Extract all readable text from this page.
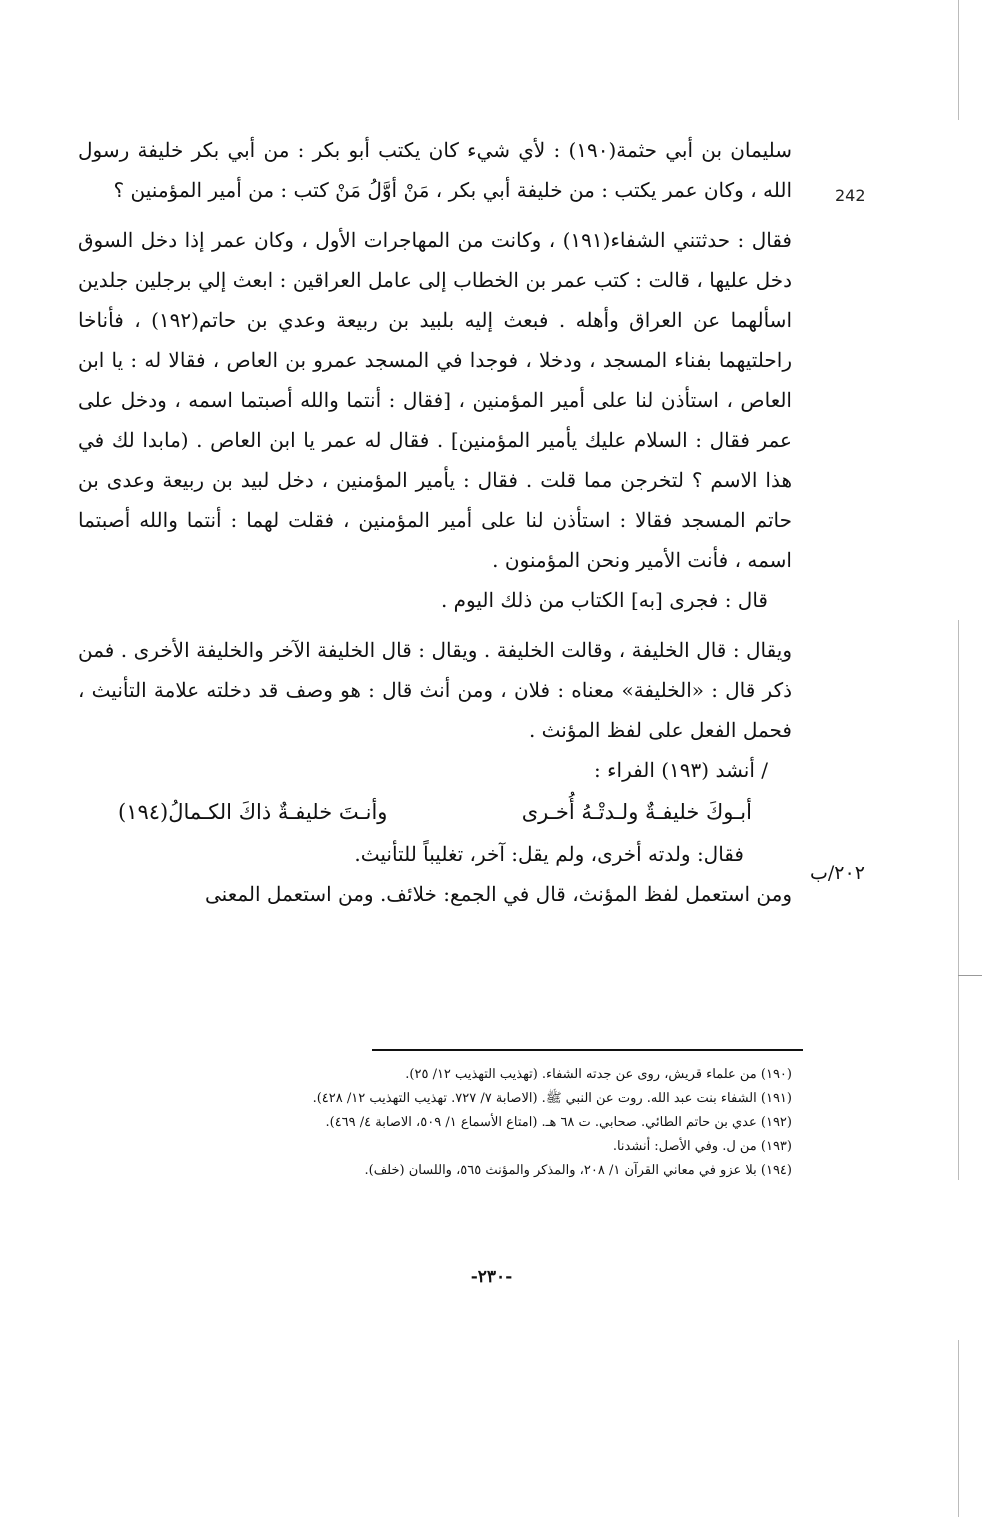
242

سليمان بن أبي حثمة(١٩٠) : لأي شيء كان يكتب أبو بكر : من أبي بكر خليفة رسول الله ، وكان عمر يكتب : من خليفة أبي بكر ، مَنْ أوَّلُ مَنْ كتب : من أمير المؤمنين ؟

فقال : حدثتني الشفاء(١٩١) ، وكانت من المهاجرات الأول ، وكان عمر إذا دخل السوق دخل عليها ، قالت : كتب عمر بن الخطاب إلى عامل العراقين : ابعث إلي برجلين جلدين اسألهما عن العراق وأهله . فبعث إليه بلبيد بن ربيعة وعدي بن حاتم(١٩٢) ، فأناخا راحلتيهما بفناء المسجد ، ودخلا ، فوجدا في المسجد عمرو بن العاص ، فقالا له : يا ابن العاص ، استأذن لنا على أمير المؤمنين ، [فقال : أنتما والله أصبتما اسمه ، ودخل على عمر فقال : السلام عليك يأمير المؤمنين] . فقال له عمر يا ابن العاص . (مابدا لك في هذا الاسم ؟ لتخرجن مما قلت . فقال : يأمير المؤمنين ، دخل لبيد بن ربيعة وعدى بن حاتم المسجد فقالا : استأذن لنا على أمير المؤمنين ، فقلت لهما : أنتما والله أصبتما اسمه ، فأنت الأمير ونحن المؤمنون .

قال : فجرى [به] الكتاب من ذلك اليوم .

ويقال : قال الخليفة ، وقالت الخليفة . ويقال : قال الخليفة الآخر والخليفة الأخرى . فمن ذكر قال : «الخليفة» معناه : فلان ، ومن أنث قال : هو وصف قد دخلته علامة التأنيث ، فحمل الفعل على لفظ المؤنث .

/ أنشد (١٩٣) الفراء :

أبـوكَ خليفـةٌ ولـدتْـهُ أُخـرى
وأنـتَ خليفـةٌ ذاكَ الكـمالُ(١٩٤)

فقال: ولدته أخرى، ولم يقل: آخر، تغليباً للتأنيث.

ومن استعمل لفظ المؤنث، قال في الجمع: خلائف. ومن استعمل المعنى

٢٠٢/ب

(١٩٠) من علماء قريش، روى عن جدته الشفاء. (تهذيب التهذيب ١٢/ ٢٥).

(١٩١) الشفاء بنت عبد الله. روت عن النبي ﷺ. (الاصابة ٧/ ٧٢٧. تهذيب التهذيب ١٢/ ٤٢٨).

(١٩٢) عدي بن حاتم الطائي. صحابي. ت ٦٨ هـ. (امتاع الأسماع ١/ ٥٠٩، الاصابة ٤/ ٤٦٩).

(١٩٣) من ل. وفي الأصل: أنشدنا.

(١٩٤) بلا عزو في معاني القرآن ١/ ٢٠٨، والمذكر والمؤنث ٥٦٥، واللسان (خلف).

-٢٣٠-
